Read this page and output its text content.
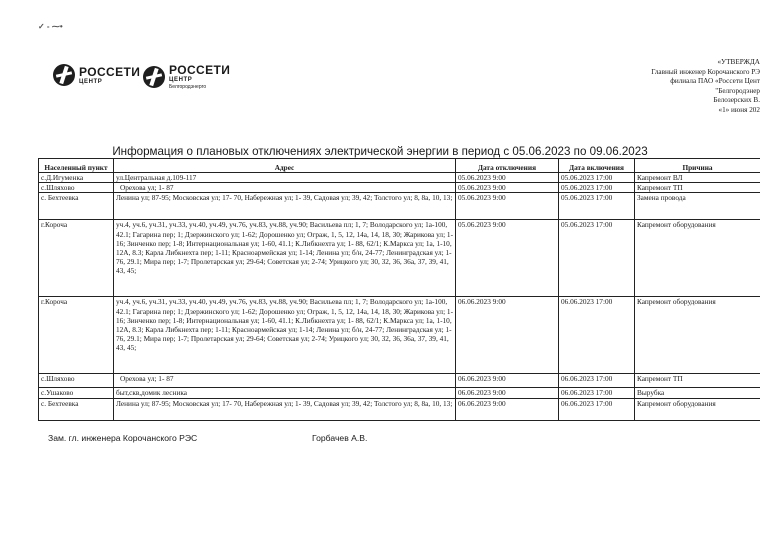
✓ ‑ ⁓•
РОССЕТИ
ЦЕНТР
РОССЕТИ
ЦЕНТР
Белгородэнерго
«УТВЕРЖДА
Главный инженер Корочанского РЭ
филиала ПАО «Россети Цент
"Белгородэнер
Белозерских В.
«1» июня 202
Информация о плановых отключениях электрической энергии в период с 05.06.2023 по 09.06.2023
Населенный пункт	Адрес	Дата отключения	Дата включения	Причина
с.Д.Игуменка	ул.Центральная д.109-117	05.06.2023 9:00	05.06.2023 17:00	Капремонт ВЛ
с.Шляхово	Орехова ул; 1- 87	05.06.2023 9:00	05.06.2023 17:00	Капремонт ТП
с. Бехтеевка	Ленина ул; 87-95; Московская ул; 17- 70, Набережная ул; 1- 39, Садовая ул; 39, 42; Толстого ул; 8, 8а, 10, 13;	05.06.2023 9:00	05.06.2023 17:00	Замена провода
г.Короча	уч.4, уч.6, уч.31, уч.33, уч.40, уч.49, уч.76, уч.83, уч.88, уч.90; Васильева пл; 1, 7; Володарского ул; 1а-100, 42.1; Гагарина пер; 1; Дзержинского ул; 1-62; Дорошенко ул; Ограж, 1, 5, 12, 14а, 14, 18, 30; Жарикова ул; 1-16; Зинченко пер; 1-8; Интернациональная ул; 1-60, 41.1; К.Либкнехта ул; 1- 88, 62/1; К.Маркса ул; 1а, 1-10, 12А, 8.3; Карла Либкнехта пер; 1-11; Красноармейская ул; 1-14; Ленина ул; б/н, 24-77; Ленинградская ул; 1-76, 29.1; Мира пер; 1-7; Пролетарская ул; 29-64; Советская ул; 2-74; Урицкого ул; 30, 32, 36, 36а, 37, 39, 41, 43, 45;	05.06.2023 9:00	05.06.2023 17:00	Капремонт оборудования
г.Короча	уч.4, уч.6, уч.31, уч.33, уч.40, уч.49, уч.76, уч.83, уч.88, уч.90; Васильева пл; 1, 7; Володарского ул; 1а-100, 42.1; Гагарина пер; 1; Дзержинского ул; 1-62; Дорошенко ул; Ограж, 1, 5, 12, 14а, 14, 18, 30; Жарикова ул; 1-16; Зинченко пер; 1-8; Интернациональная ул; 1-60, 41.1; К.Либкнехта ул; 1- 88, 62/1; К.Маркса ул; 1а, 1-10, 12А, 8.3; Карла Либкнехта пер; 1-11; Красноармейская ул; 1-14; Ленина ул; б/н, 24-77; Ленинградская ул; 1-76, 29.1; Мира пер; 1-7; Пролетарская ул; 29-64; Советская ул; 2-74; Урицкого ул; 30, 32, 36, 36а, 37, 39, 41, 43, 45;	06.06.2023 9:00	06.06.2023 17:00	Капремонт оборудования
с.Шляхово	Орехова ул; 1- 87	06.06.2023 9:00	06.06.2023 17:00	Капремонт ТП
с.Ушаково	быт,скв,домик лесника	06.06.2023 9:00	06.06.2023 17:00	Вырубка
с. Бехтеевка	Ленина ул; 87-95; Московская ул; 17- 70, Набережная ул; 1- 39, Садовая ул; 39, 42; Толстого ул; 8, 8а, 10, 13;	06.06.2023 9:00	06.06.2023 17:00	Капремонт оборудования
Зам. гл. инженера Корочанского РЭС	Горбачев А.В.
